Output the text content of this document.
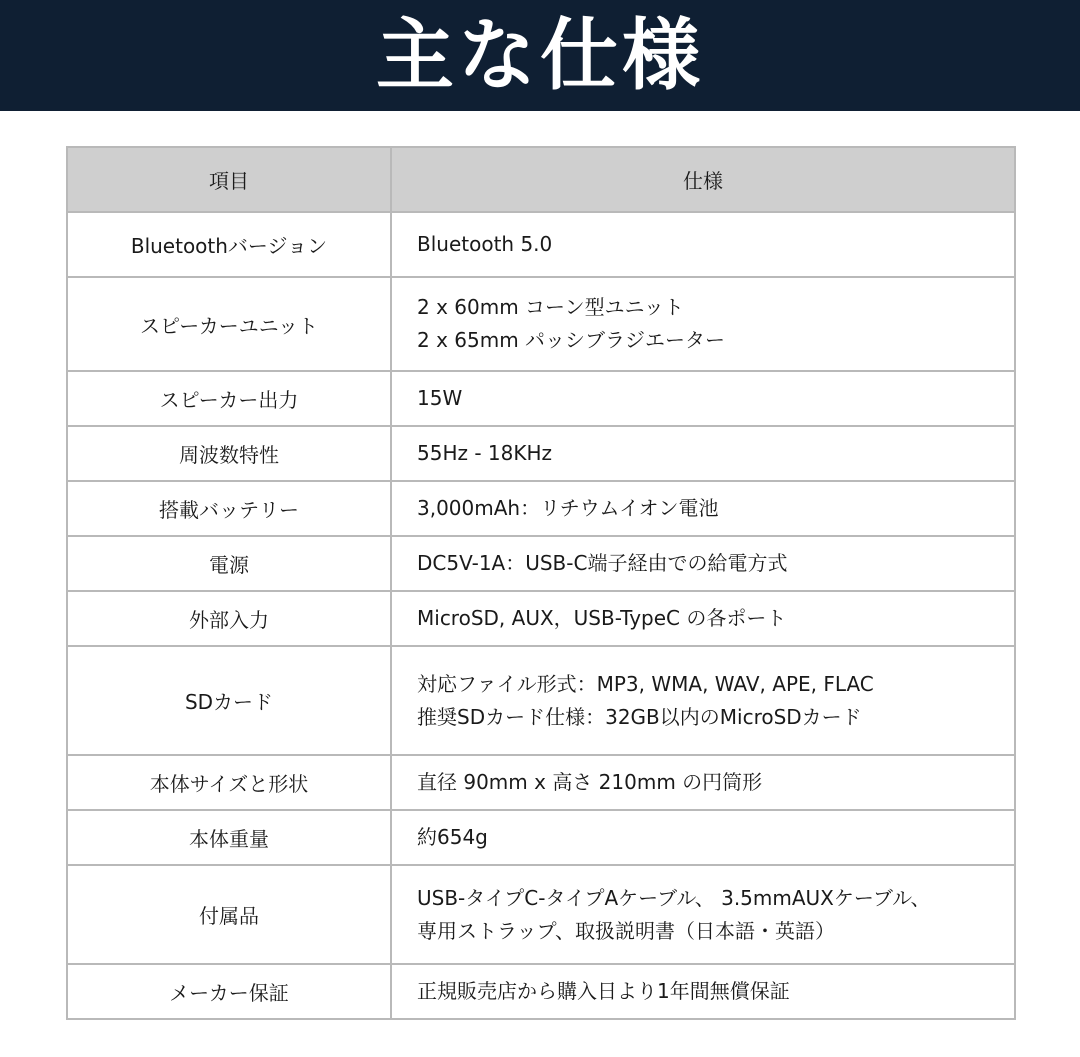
主な仕様
項目	仕様
Bluetoothバージョン	Bluetooth 5.0

スピーカーユニット	2 x 60mm コーン型ユニット
2 x 65mm パッシブラジエーター

スピーカー出力	15W

周波数特性	55Hz - 18KHz

搭載バッテリー	3,000mAh：リチウムイオン電池

電源	DC5V-1A：USB-C端子経由での給電方式

外部入力	MicroSD, AUX，USB-TypeC の各ポート

SDカード	対応ファイル形式：MP3, WMA, WAV, APE, FLAC
推奨SDカード仕様：32GB以内のMicroSDカード

本体サイズと形状	直径 90mm x 高さ 210mm の円筒形

本体重量	約654g

付属品	USB-タイプC-タイプAケーブル、 3.5mmAUXケーブル、
専用ストラップ、取扱説明書（日本語・英語）

メーカー保証	正規販売店から購入日より1年間無償保証
